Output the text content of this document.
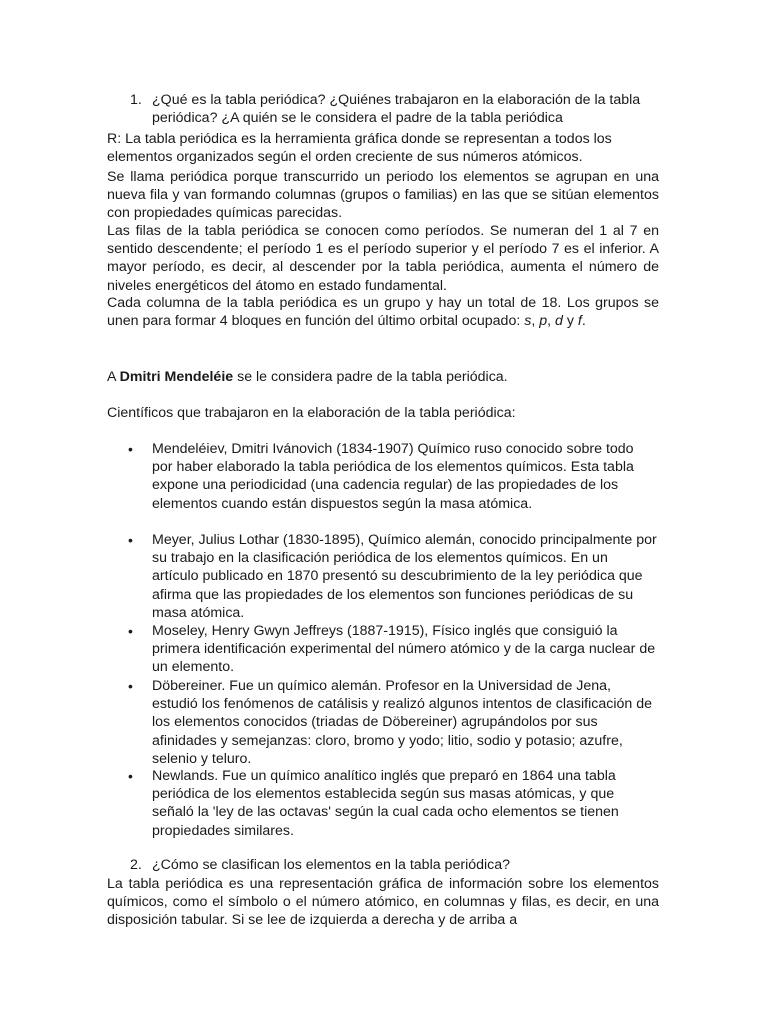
1. ¿Qué es la tabla periódica? ¿Quiénes trabajaron en la elaboración de la tabla periódica? ¿A quién se le considera el padre de la tabla periódica
R: La tabla periódica es la herramienta gráfica donde se representan a todos los elementos organizados según el orden creciente de sus números atómicos.
Se llama periódica porque transcurrido un periodo los elementos se agrupan en una nueva fila y van formando columnas (grupos o familias) en las que se sitúan elementos con propiedades químicas parecidas.
Las filas de la tabla periódica se conocen como períodos. Se numeran del 1 al 7 en sentido descendente; el período 1 es el período superior y el período 7 es el inferior. A mayor período, es decir, al descender por la tabla periódica, aumenta el número de niveles energéticos del átomo en estado fundamental.
Cada columna de la tabla periódica es un grupo y hay un total de 18. Los grupos se unen para formar 4 bloques en función del último orbital ocupado: s, p, d y f.
A Dmitri Mendeléie se le considera padre de la tabla periódica.
Científicos que trabajaron en la elaboración de la tabla periódica:
• Mendeléiev, Dmitri Ivánovich (1834-1907) Químico ruso conocido sobre todo por haber elaborado la tabla periódica de los elementos químicos. Esta tabla expone una periodicidad (una cadencia regular) de las propiedades de los elementos cuando están dispuestos según la masa atómica.
• Meyer, Julius Lothar (1830-1895), Químico alemán, conocido principalmente por su trabajo en la clasificación periódica de los elementos químicos. En un artículo publicado en 1870 presentó su descubrimiento de la ley periódica que afirma que las propiedades de los elementos son funciones periódicas de su masa atómica.
• Moseley, Henry Gwyn Jeffreys (1887-1915), Físico inglés que consiguió la primera identificación experimental del número atómico y de la carga nuclear de un elemento.
• Döbereiner. Fue un químico alemán. Profesor en la Universidad de Jena, estudió los fenómenos de catálisis y realizó algunos intentos de clasificación de los elementos conocidos (triadas de Döbereiner) agrupándolos por sus afinidades y semejanzas: cloro, bromo y yodo; litio, sodio y potasio; azufre, selenio y teluro.
• Newlands. Fue un químico analítico inglés que preparó en 1864 una tabla periódica de los elementos establecida según sus masas atómicas, y que señaló la 'ley de las octavas' según la cual cada ocho elementos se tienen propiedades similares.
2. ¿Cómo se clasifican los elementos en la tabla periódica?
La tabla periódica es una representación gráfica de información sobre los elementos químicos, como el símbolo o el número atómico, en columnas y filas, es decir, en una disposición tabular. Si se lee de izquierda a derecha y de arriba a
